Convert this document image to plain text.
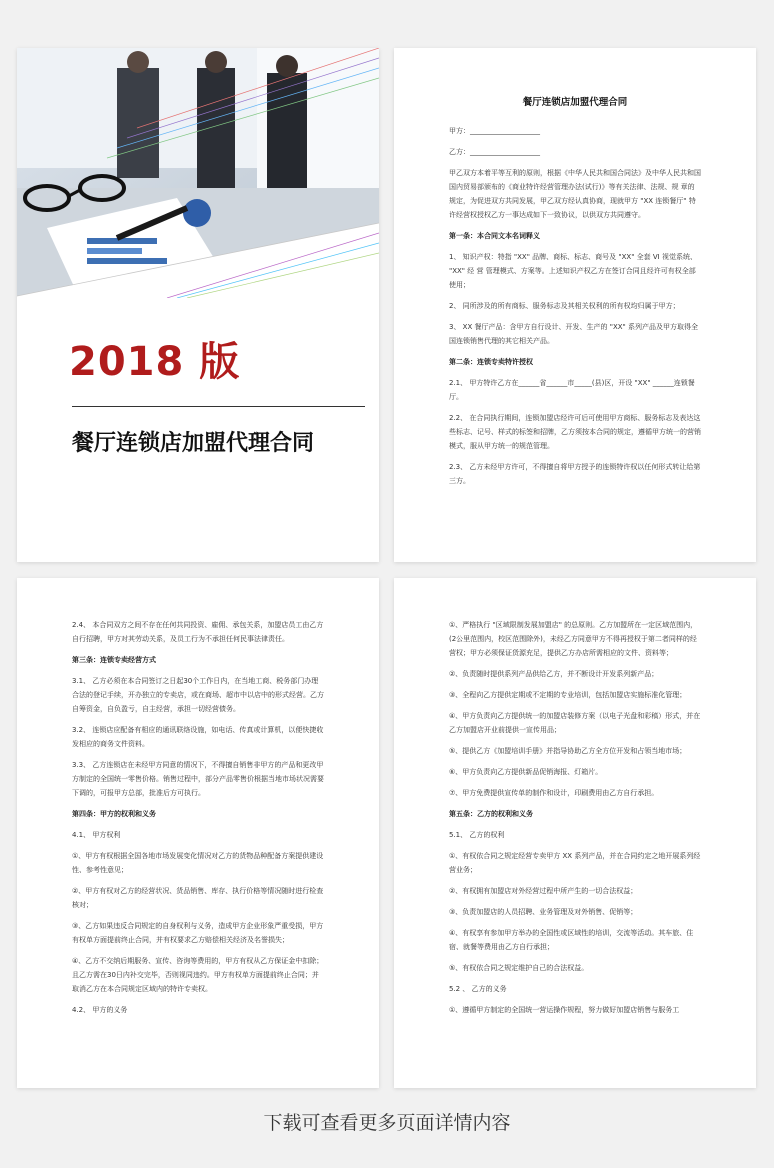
2018 版
餐厅连锁店加盟代理合同

餐厅连锁店加盟代理合同

甲方：____________________

乙方：____________________

甲乙双方本着平等互利的原则，根据《中华人民共和国合同法》及中华人民共和国国内贸易部颁布的《商业特许经营管理办法(试行)》等有关法律、法规、规 章的规定，为促进双方共同发展，甲乙双方经认真协商，现就甲方 "XX 连锁餐厅" 特许经营权授权乙方一事达成如下一致协议，以供双方共同遵守。

第一条：本合同文本名词释义

1、 知识产权：特指 "XX" 品牌、商标、标志、商号及 "XX" 全套 VI 视觉系统、 "XX" 经 营 管理模式、方案等。上述知识产权乙方在签订合同且经许可有权全部使用；

2、 同所涉及的所有商标、服务标志及其相关权利的所有权均归属于甲方；

3、 XX 餐厅产品：含甲方自行设计、开发、生产的 "XX" 系列产品及甲方取得全国连锁销售代理的其它相关产品。

第二条：连锁专卖特许授权

2.1、 甲方特许乙方在______省______市_____(县)区，开设 "XX" ______连锁餐厅。

2.2、 在合同执行期间，连锁加盟店经许可后可使用甲方商标、服务标志及表达这些标志、记号、样式的标签和招牌，乙方须按本合同的规定，遵循甲方统一的营销模式，服从甲方统一的规范管理。

2.3、 乙方未经甲方许可，不得擅自将甲方授予的连锁特许权以任何形式转让给第三方。

2.4、 本合同双方之间不存在任何共同投资、雇佣、承包关系，加盟店员工由乙方自行招聘，甲方对其劳动关系，及员工行为不承担任何民事法律责任。

第三条：连锁专卖经营方式

3.1、 乙方必须在本合同签订之日起30个工作日内，在当地工商、税务部门办理合法的登记手续，开办独立的专卖店，或在商场、超市中以店中的形式经营。乙方自筹资金，自负盈亏，自主经营，承担一切经营债务。

3.2、 连锁店应配备有相应的通讯联络设施，如电话、传真或计算机，以便快捷收发相应的商务文件资料。

3.3、 乙方连锁店在未经甲方同意的情况下，不得擅自销售非甲方的产品和更改甲方制定的全国统一零售价格。销售过程中，部分产品零售价根据当地市场状况需要下调的，可报甲方总部，批准后方可执行。

第四条：甲方的权利和义务

4.1、 甲方权利

①、甲方有权根据全国各地市场发展变化情况对乙方的货物品种配备方案提供建设性、参考性意见；

②、甲方有权对乙方的经营状况、货品销售、库存、执行价格等情况随时进行检查核对；

③、乙方如果违反合同规定的自身权利与义务，造成甲方企业形象严重受损，甲方有权单方面提前终止合同，并有权要求乙方赔偿相关经济及名誉损失；

④、乙方不交纳后期服务、宣传、咨询等费用的，甲方有权从乙方保证金中扣除；且乙方需在30日内补交完毕，否则视同违约。甲方有权单方面提前终止合同；并取消乙方在本合同规定区域内的特许专卖权。

4.2、 甲方的义务

①、严格执行 "区域限制发展加盟店" 的总原则。乙方加盟所在一定区域范围内，(2公里范围内，校区范围除外)，未经乙方同意甲方不得再授权于第二者同样的经营权；甲方必须保证货源充足，提供乙方办店所需相应的文件、资料等；

②、负责随时提供系列产品供给乙方，并不断设计开发系列新产品；

③、全程向乙方提供定期或不定期的专业培训，包括加盟店实施标准化管理；

④、甲方负责向乙方提供统一的加盟店装修方案（以电子光盘和彩稿）形式，并在乙方加盟店开业前提供一宣传用品；

⑤、提供乙方《加盟培训手册》并指导协助乙方全方位开发和占领当地市场；

⑥、甲方负责向乙方提供新品促销海报、灯箱片。

⑦、甲方免费提供宣传单的制作和设计，印刷费用由乙方自行承担。

第五条：乙方的权利和义务

5.1、 乙方的权利

①、有权依合同之规定经营专卖甲方 XX 系列产品，并在合同约定之地开展系列经营业务；

②、有权拥有加盟店对外经营过程中所产生的一切合法权益；

③、负责加盟店的人员招聘、业务管理及对外销售、促销等；

④、有权享有参加甲方举办的全国性或区域性的培训，交流等活动。其车旅、住宿、就餐等费用由乙方自行承担；

⑤、有权依合同之规定维护自己的合法权益。

5.2 、 乙方的义务

①、遵循甲方制定的全国统一营运操作规程，努力做好加盟店销售与服务工

下载可查看更多页面详情内容
